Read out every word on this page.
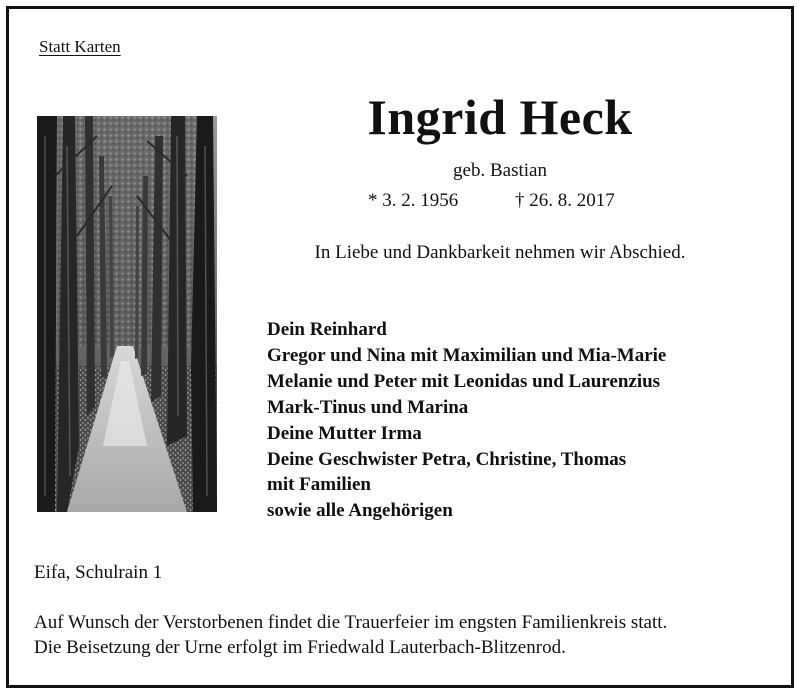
Statt Karten
Ingrid Heck
geb. Bastian
* 3. 2. 1956	† 26. 8. 2017
In Liebe und Dankbarkeit nehmen wir Abschied.
Dein Reinhard
Gregor und Nina mit Maximilian und Mia-Marie
Melanie und Peter mit Leonidas und Laurenzius
Mark-Tinus und Marina
Deine Mutter Irma
Deine Geschwister Petra, Christine, Thomas
mit Familien
sowie alle Angehörigen
Eifa, Schulrain 1
Auf Wunsch der Verstorbenen findet die Trauerfeier im engsten Familienkreis statt.
Die Beisetzung der Urne erfolgt im Friedwald Lauterbach-Blitzenrod.
